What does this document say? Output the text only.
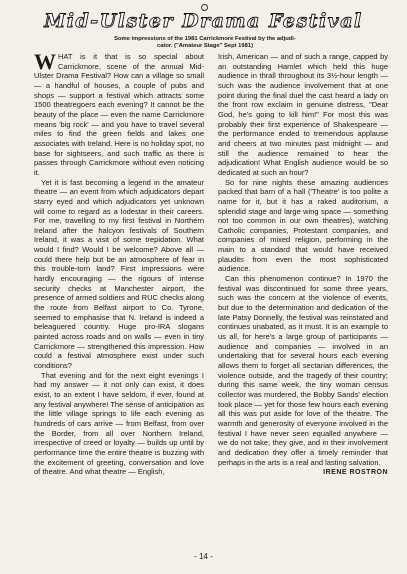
Mid-Ulster Drama Festival
Some impressions of the 1981 Carrickmore Festival by the adjudi-
cator. ("Amateur Stage" Sept 1981)

WHAT is it that is so special about Carrickmore, scene of the annual Mid-Ulster Drama Festival? How can a village so small — a handful of houses, a couple of pubs and shops — support a festival which attracts some 1500 theatregoers each evening? It cannot be the beauty of the place — even the name Carrickmore means 'big rock' — and you have to travel several miles to find the green fields and lakes one associates with Ireland. Here is no holiday spot, no base for sightseers, and such traffic as there is passes through Carrickmore without even noticing it.

Yet it is fast becoming a legend in the amateur theatre — an event from which adjudicators depart starry eyed and which adjudicators yet unknown will come to regard as a lodestar in their careers. For me, travelling to my first festival in Northern Ireland after the halcyon festivals of Southern Ireland, it was a visit of some trepidation. What would I find? Would I be welcome? Above all — could there help but be an atmosphere of fear in this trouble-torn land? First impressions were hardly encouraging — the rigours of intense security checks at Manchester airport, the presence of armed soldiers and RUC checks along the route from Belfast airport to Co. Tyrone, seemed to emphasise that N. Ireland is indeed a beleaguered country. Huge pro-IRA slogans painted across roads and on walls — even in tiny Carrickmore — strengthened this impression. How could a festival atmosphere exist under such conditions?

That evening and for the next eight evenings I had my answer — it not only can exist, it does exist, to an extent I have seldom, if ever, found at any festival anywhere! The sense of anticipation as the little village springs to life each evening as hundreds of cars arrive — from Belfast, from over the Border, from all over Northern Ireland, irrespective of creed or loyalty — builds up until by performance time the entire theatre is buzzing with the excitement of greeting, conversation and love of theatre. And what theatre — English,

Irish, American — and of such a range, capped by an outstanding Hamlet which held this huge audience in thrall throughout its 3½-hour length — such was the audience involvement that at one point during the final duel the cast heard a lady on the front row exclaim in genuine distress, "Dear God, he's going to kill him!" For most this was probably their first experience of Shakespeare — the performance ended to tremendous applause and cheers at two minutes past midnight — and still the audience remained to hear the adjudication! What English audience would be so dedicated at such an hour?

So for nine nights these amazing audiences packed that barn of a hall ('Theatre' is too polite a name for it, but it has a raked auditorium, a splendid stage and large wing space — something not too common in our own theatres), watching Catholic companies, Protestant companies, and companies of mixed religion, performing in the main to a standard that would have received plaudits from even the most sophisticated audience.

Can this phenomenon continue? In 1970 the festival was discontinued for some three years, such was the concern at the violence of events, but due to the determination and dedication of the late Patsy Donnelly, the festival was reinstated and continues unabated, as it must. It is an example to us all, for here's a large group of participants — audience and companies — involved in an undertaking that for several hours each evening allows them to forget all sectarian differences, the violence outside, and the tragedy of their country; during this same week, the tiny woman census collector was murdered, the Bobby Sands' election took place — yet for those few hours each evening all this was put aside for love of the theatre. The warmth and generosity of everyone involved in the festival I have never seen equalled anywhere — we do not take, they give, and in their involvement and dedication they offer a timely reminder that perhaps in the arts is a real and lasting salvation.

IRENE ROSTRON
- 14 -
